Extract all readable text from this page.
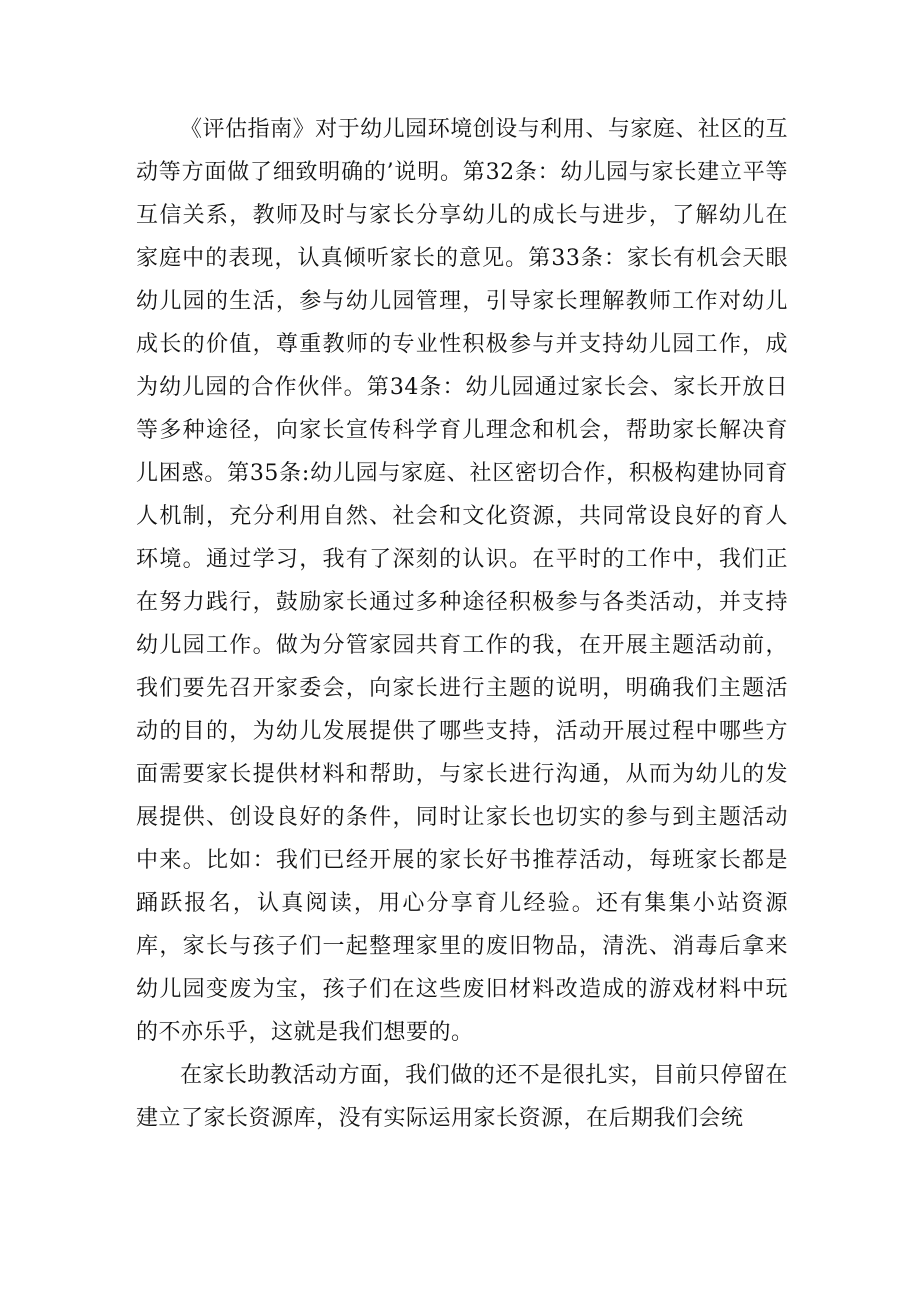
《评估指南》对于幼儿园环境创设与利用、与家庭、社区的互动等方面做了细致明确的’说明。第32条：幼儿园与家长建立平等互信关系，教师及时与家长分享幼儿的成长与进步，了解幼儿在家庭中的表现，认真倾听家长的意见。第33条：家长有机会天眼幼儿园的生活，参与幼儿园管理，引导家长理解教师工作对幼儿成长的价值，尊重教师的专业性积极参与并支持幼儿园工作，成为幼儿园的合作伙伴。第34条：幼儿园通过家长会、家长开放日等多种途径，向家长宣传科学育儿理念和机会，帮助家长解决育儿困惑。第35条:幼儿园与家庭、社区密切合作，积极构建协同育人机制，充分利用自然、社会和文化资源，共同常设良好的育人环境。通过学习，我有了深刻的认识。在平时的工作中，我们正在努力践行，鼓励家长通过多种途径积极参与各类活动，并支持幼儿园工作。做为分管家园共育工作的我，在开展主题活动前，我们要先召开家委会，向家长进行主题的说明，明确我们主题活动的目的，为幼儿发展提供了哪些支持，活动开展过程中哪些方面需要家长提供材料和帮助，与家长进行沟通，从而为幼儿的发展提供、创设良好的条件，同时让家长也切实的参与到主题活动中来。比如：我们已经开展的家长好书推荐活动，每班家长都是踊跃报名，认真阅读，用心分享育儿经验。还有集集小站资源库，家长与孩子们一起整理家里的废旧物品，清洗、消毒后拿来幼儿园变废为宝，孩子们在这些废旧材料改造成的游戏材料中玩的不亦乐乎，这就是我们想要的。

在家长助教活动方面，我们做的还不是很扎实，目前只停留在建立了家长资源库，没有实际运用家长资源，在后期我们会统
